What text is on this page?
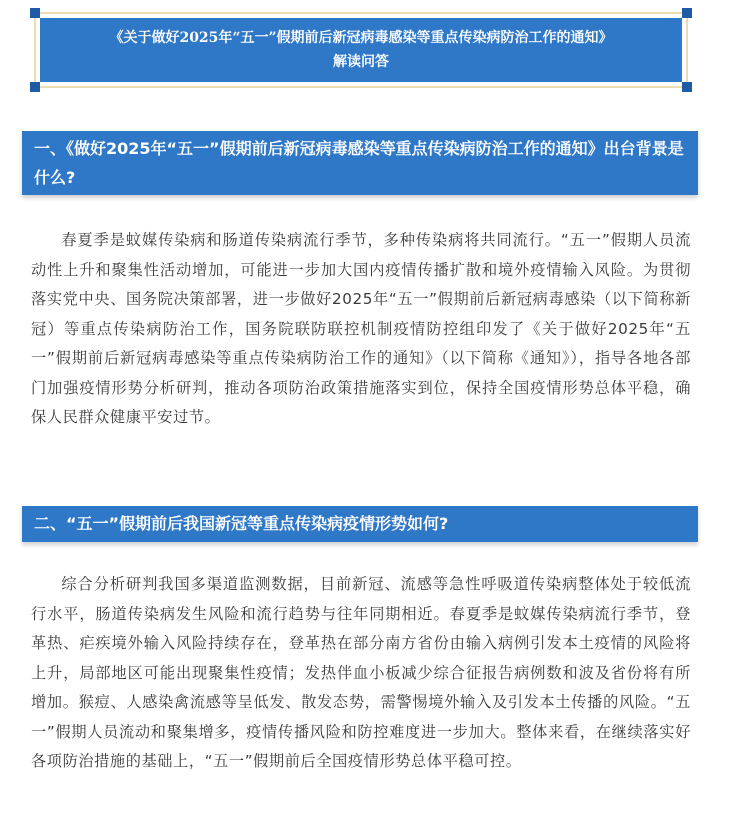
《关于做好2025年“五一”假期前后新冠病毒感染等重点传染病防治工作的通知》
解读问答
一、《做好2025年“五一”假期前后新冠病毒感染等重点传染病防治工作的通知》出台背景是什么?

春夏季是蚊媒传染病和肠道传染病流行季节，多种传染病将共同流行。“五一”假期人员流动性上升和聚集性活动增加，可能进一步加大国内疫情传播扩散和境外疫情输入风险。为贯彻落实党中央、国务院决策部署，进一步做好2025年“五一”假期前后新冠病毒感染（以下简称新冠）等重点传染病防治工作，国务院联防联控机制疫情防控组印发了《关于做好2025年“五一”假期前后新冠病毒感染等重点传染病防治工作的通知》（以下简称《通知》），指导各地各部门加强疫情形势分析研判，推动各项防治政策措施落实到位，保持全国疫情形势总体平稳，确保人民群众健康平安过节。

二、“五一”假期前后我国新冠等重点传染病疫情形势如何?

综合分析研判我国多渠道监测数据，目前新冠、流感等急性呼吸道传染病整体处于较低流行水平，肠道传染病发生风险和流行趋势与往年同期相近。春夏季是蚊媒传染病流行季节，登革热、疟疾境外输入风险持续存在，登革热在部分南方省份由输入病例引发本土疫情的风险将上升，局部地区可能出现聚集性疫情；发热伴血小板减少综合征报告病例数和波及省份将有所增加。猴痘、人感染禽流感等呈低发、散发态势，需警惕境外输入及引发本土传播的风险。“五一”假期人员流动和聚集增多，疫情传播风险和防控难度进一步加大。整体来看，在继续落实好各项防治措施的基础上，“五一”假期前后全国疫情形势总体平稳可控。
